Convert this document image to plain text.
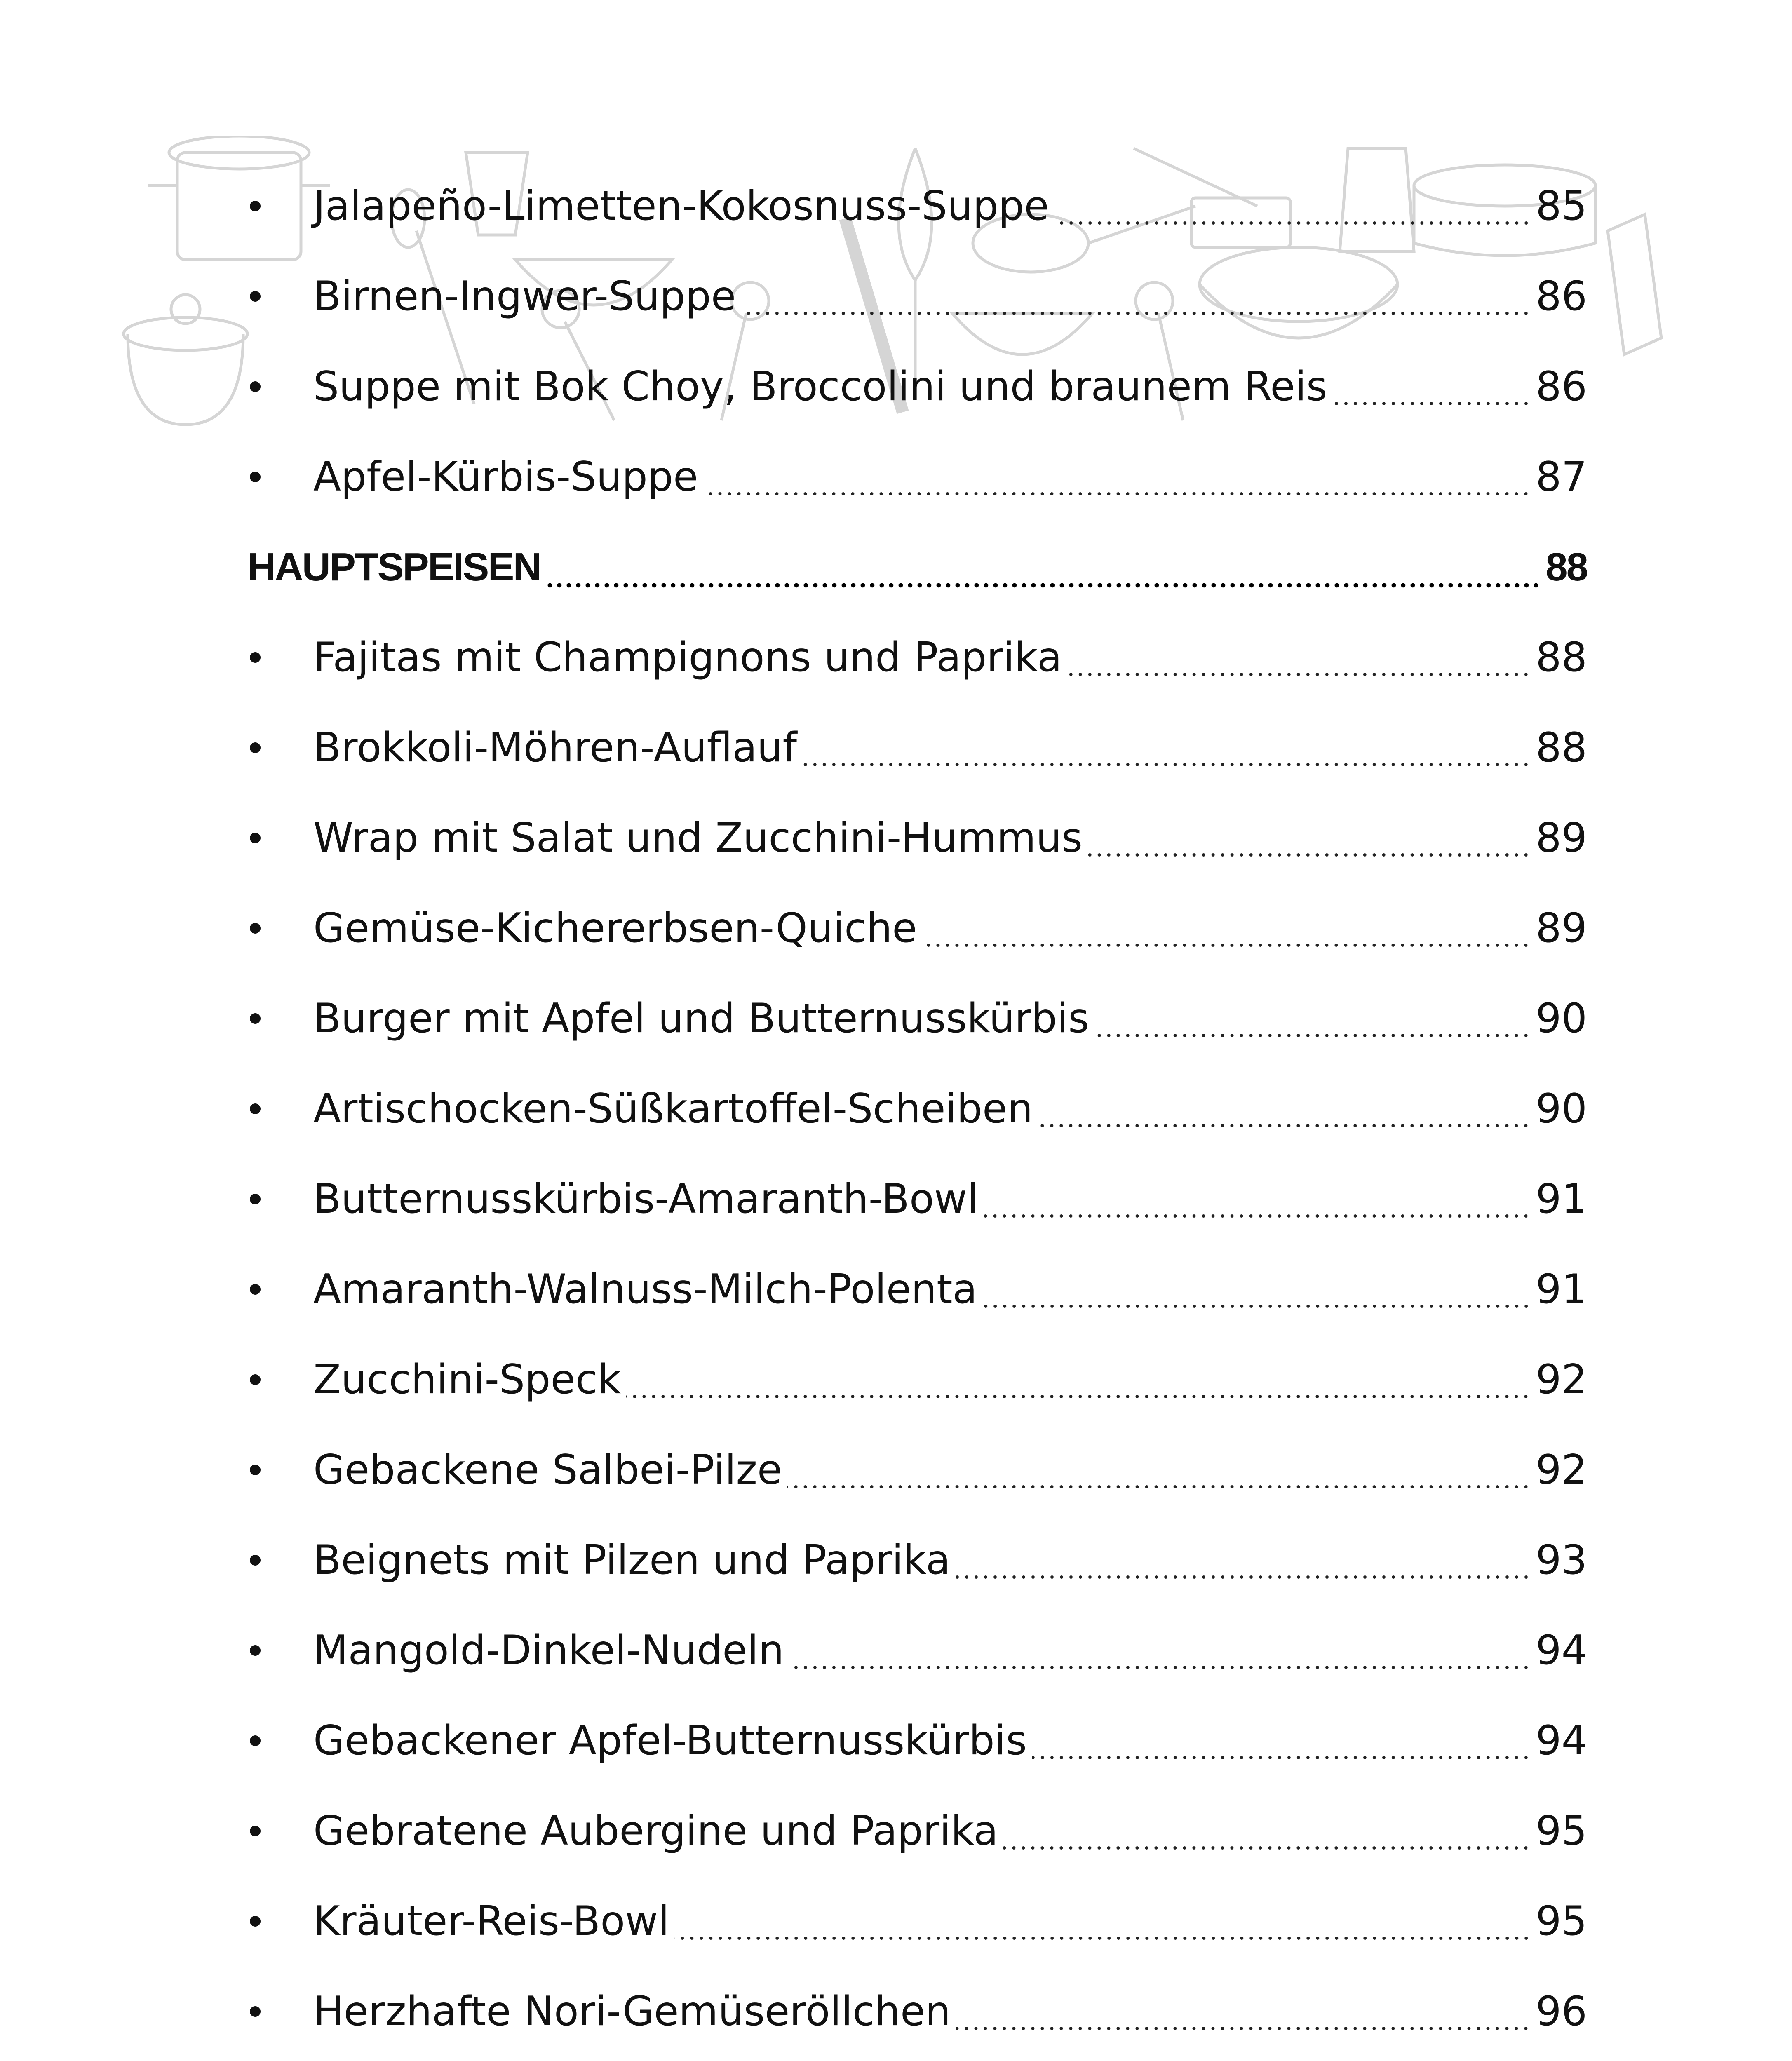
Jalapeño-Limetten-Kokosnuss-Suppe	85
Birnen-Ingwer-Suppe	86
Suppe mit Bok Choy, Broccolini und braunem Reis	86
Apfel-Kürbis-Suppe	87
HAUPTSPEISEN	88
Fajitas mit Champignons und Paprika	88
Brokkoli-Möhren-Auflauf	88
Wrap mit Salat und Zucchini-Hummus	89
Gemüse-Kichererbsen-Quiche	89
Burger mit Apfel und Butternusskürbis	90
Artischocken-Süßkartoffel-Scheiben	90
Butternusskürbis-Amaranth-Bowl	91
Amaranth-Walnuss-Milch-Polenta	91
Zucchini-Speck	92
Gebackene Salbei-Pilze	92
Beignets mit Pilzen und Paprika	93
Mangold-Dinkel-Nudeln	94
Gebackener Apfel-Butternusskürbis	94
Gebratene Aubergine und Paprika	95
Kräuter-Reis-Bowl	95
Herzhafte Nori-Gemüseröllchen	96
